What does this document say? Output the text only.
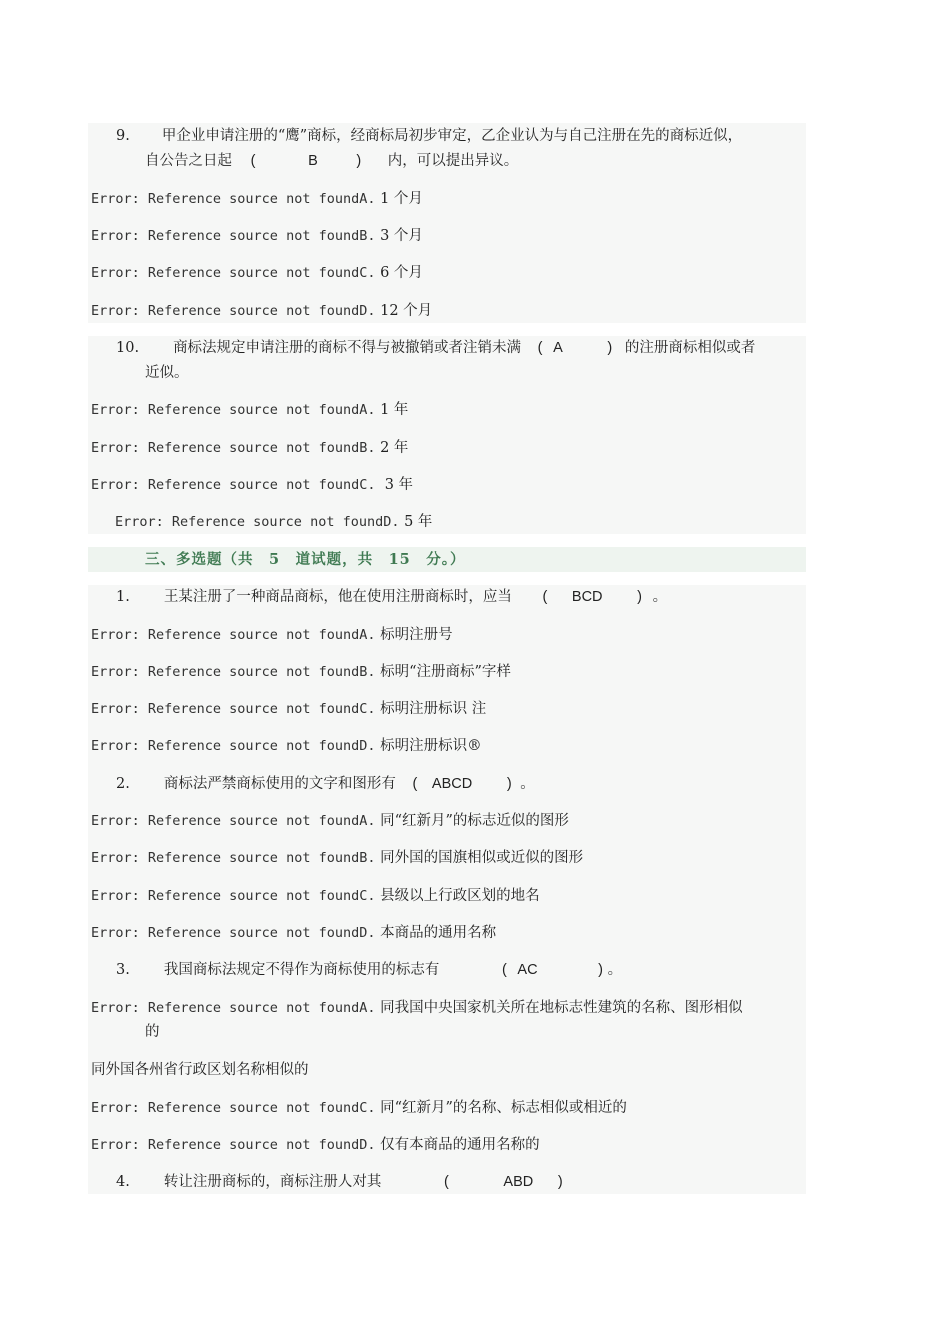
9. 甲企业申请注册的“鹰”商标，经商标局初步审定，乙企业认为与自己注册在先的商标近似，
自公告之日起 (	B	) 内，可以提出异议。
Error: Reference source not foundA. 1 个月
Error: Reference source not foundB. 3 个月
Error: Reference source not foundC. 6 个月
Error: Reference source not foundD. 12 个月
10. 商标法规定申请注册的商标不得与被撤销或者注销未满 ( A	) 的注册商标相似或者
近似。
Error: Reference source not foundA. 1 年
Error: Reference source not foundB. 2 年
Error: Reference source not foundC. 3 年
Error: Reference source not foundD. 5 年
三、多选题（共　5　道试题，共　15　分。）
1. 王某注册了一种商品商标，他在使用注册商标时，应当 ( BCD ) 。
Error: Reference source not foundA. 标明注册号
Error: Reference source not foundB. 标明“注册商标”字样
Error: Reference source not foundC. 标明注册标识 注
Error: Reference source not foundD. 标明注册标识®
2. 商标法严禁商标使用的文字和图形有 ( ABCD ) 。
Error: Reference source not foundA. 同“红新月”的标志近似的图形
Error: Reference source not foundB. 同外国的国旗相似或近似的图形
Error: Reference source not foundC. 县级以上行政区划的地名
Error: Reference source not foundD. 本商品的通用名称
3. 我国商标法规定不得作为商标使用的标志有	( AC	) 。
Error: Reference source not foundA. 同我国中央国家机关所在地标志性建筑的名称、图形相似
的
同外国各州省行政区划名称相似的
Error: Reference source not foundC. 同“红新月”的名称、标志相似或相近的
Error: Reference source not foundD. 仅有本商品的通用名称的
4. 转让注册商标的，商标注册人对其	(	ABD )
